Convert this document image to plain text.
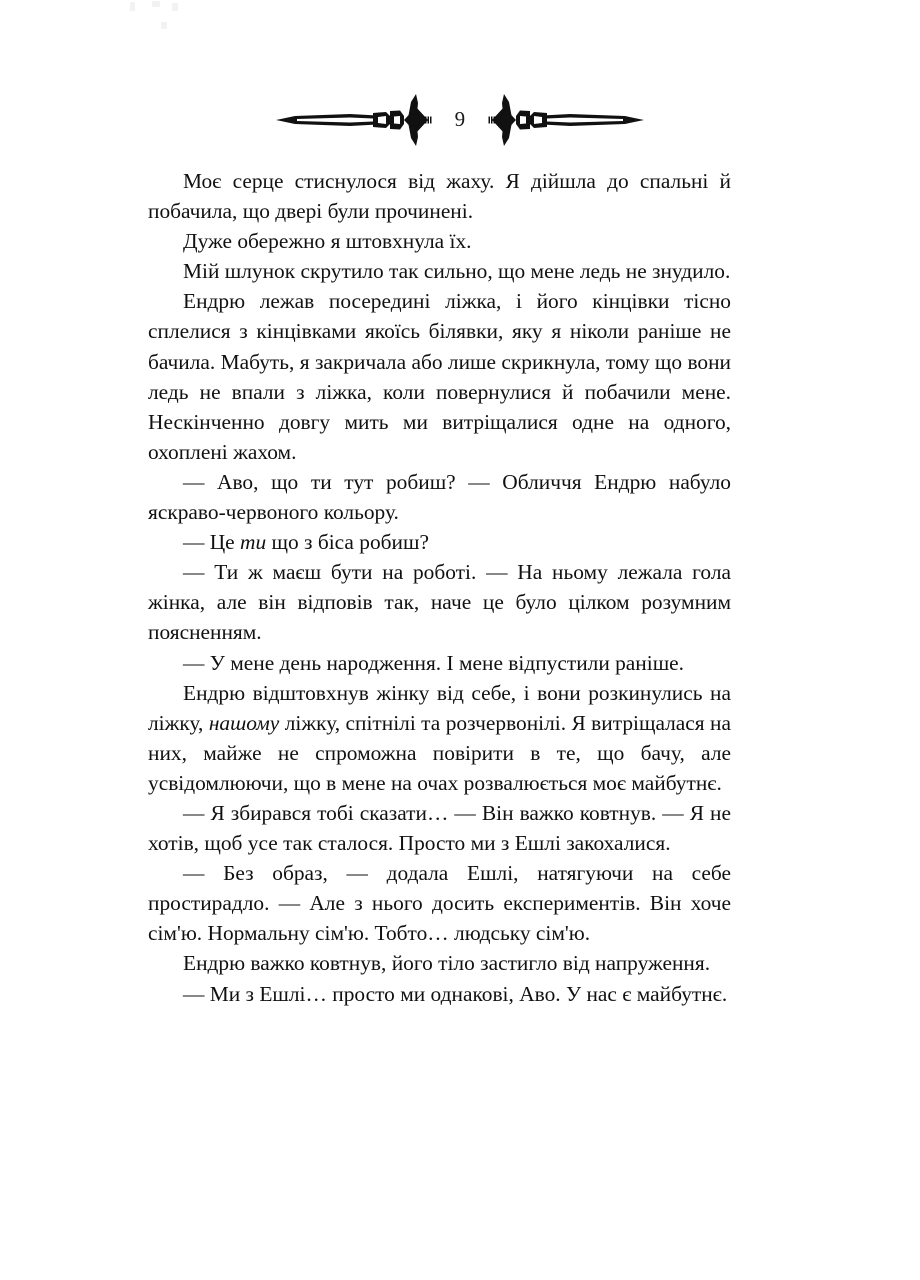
9

Моє серце стиснулося від жаху. Я дійшла до спальні й побачила, що двері були прочинені.

Дуже обережно я штовхнула їх.

Мій шлунок скрутило так сильно, що мене ледь не знудило.

Ендрю лежав посередині ліжка, і його кінцівки тісно сплелися з кінцівками якоїсь білявки, яку я ніколи раніше не бачила. Мабуть, я закричала або лише скрикнула, тому що вони ледь не впали з ліжка, коли повернулися й побачили мене. Нескінченно довгу мить ми витріщалися одне на одного, охоплені жахом.

— Аво, що ти тут робиш? — Обличчя Ендрю набуло яскраво-червоного кольору.

— Це ти що з біса робиш?

— Ти ж маєш бути на роботі. — На ньому лежала гола жінка, але він відповів так, наче це було цілком розумним поясненням.

— У мене день народження. І мене відпустили раніше.

Ендрю відштовхнув жінку від себе, і вони розкинулись на ліжку, нашому ліжку, спітнілі та розчервонілі. Я витріщалася на них, майже не спроможна повірити в те, що бачу, але усвідомлюючи, що в мене на очах розвалюється моє майбутнє.

— Я збирався тобі сказати… — Він важко ковтнув. — Я не хотів, щоб усе так сталося. Просто ми з Ешлі закохалися.

— Без образ, — додала Ешлі, натягуючи на себе простирадло. — Але з нього досить експериментів. Він хоче сім'ю. Нормальну сім'ю. Тобто… людську сім'ю.

Ендрю важко ковтнув, його тіло застигло від напруження.

— Ми з Ешлі… просто ми однакові, Аво. У нас є майбутнє.
